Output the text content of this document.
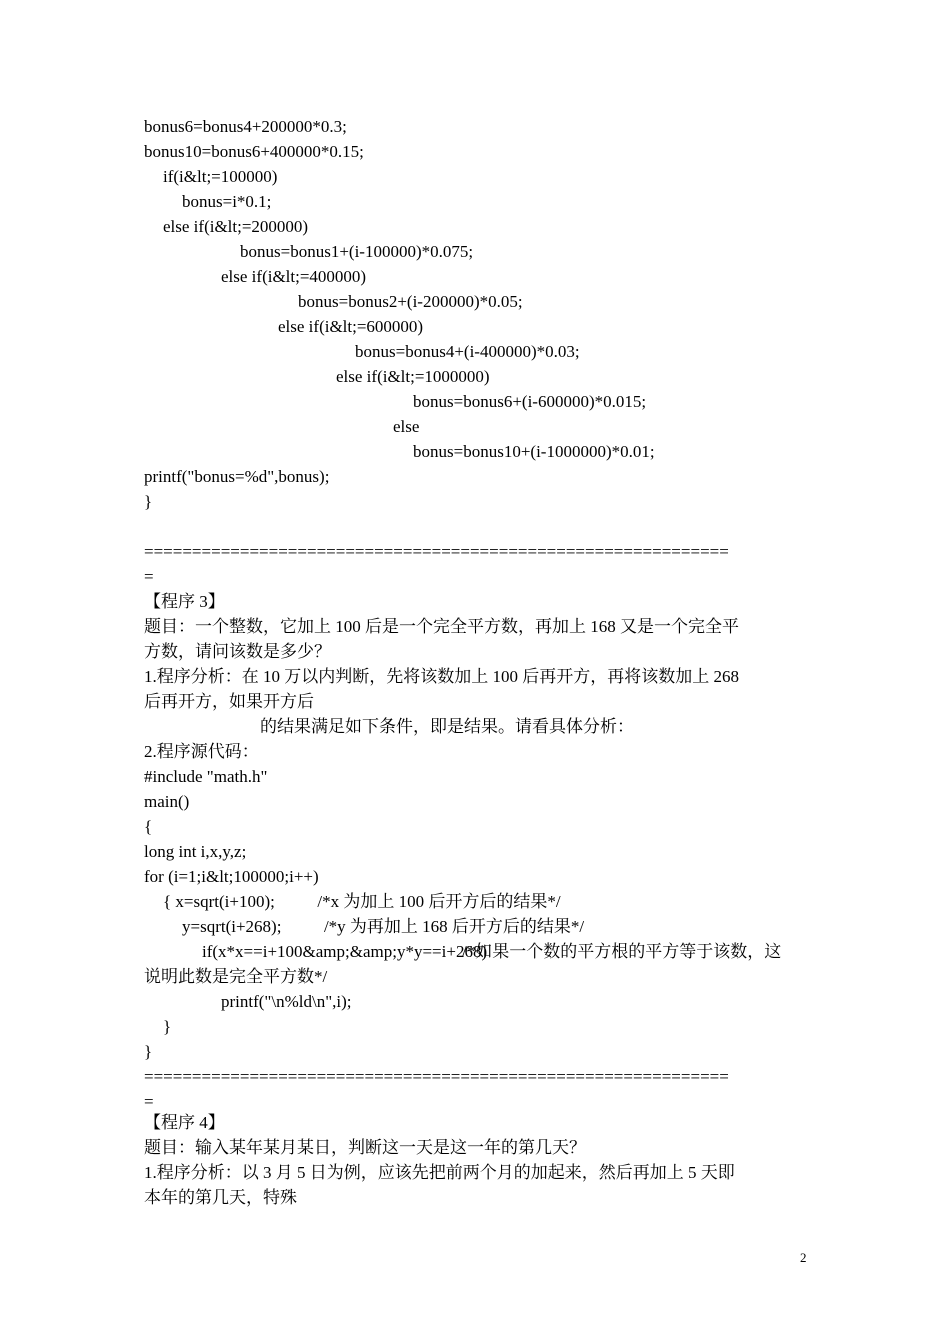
bonus6=bonus4+200000*0.3;
bonus10=bonus6+400000*0.15;
if(i&lt;=100000)
bonus=i*0.1;
else if(i&lt;=200000)
bonus=bonus1+(i-100000)*0.075;
else if(i&lt;=400000)
bonus=bonus2+(i-200000)*0.05;
else if(i&lt;=600000)
bonus=bonus4+(i-400000)*0.03;
else if(i&lt;=1000000)
bonus=bonus6+(i-600000)*0.015;
else
bonus=bonus10+(i-1000000)*0.01;
printf("bonus=%d",bonus);
}
=============================================================
=
【程序 3】
题目：一个整数，它加上 100 后是一个完全平方数，再加上 168 又是一个完全平
方数，请问该数是多少？
1.程序分析：在 10 万以内判断，先将该数加上 100 后再开方，再将该数加上 268
后再开方，如果开方后
的结果满足如下条件，即是结果。请看具体分析：
2.程序源代码：
#include "math.h"
main()
{
long int i,x,y,z;
for (i=1;i&lt;100000;i++)
{ x=sqrt(i+100);          /*x 为加上 100 后开方后的结果*/
y=sqrt(i+268);          /*y 为再加上 168 后开方后的结果*/
if(x*x==i+100&amp;&amp;y*y==i+268)
/*如果一个数的平方根的平方等于该数，这
说明此数是完全平方数*/
printf("\n%ld\n",i);
}
}
=============================================================
=
【程序 4】
题目：输入某年某月某日，判断这一天是这一年的第几天？
1.程序分析：以 3 月 5 日为例，应该先把前两个月的加起来，然后再加上 5 天即
本年的第几天，特殊
2
